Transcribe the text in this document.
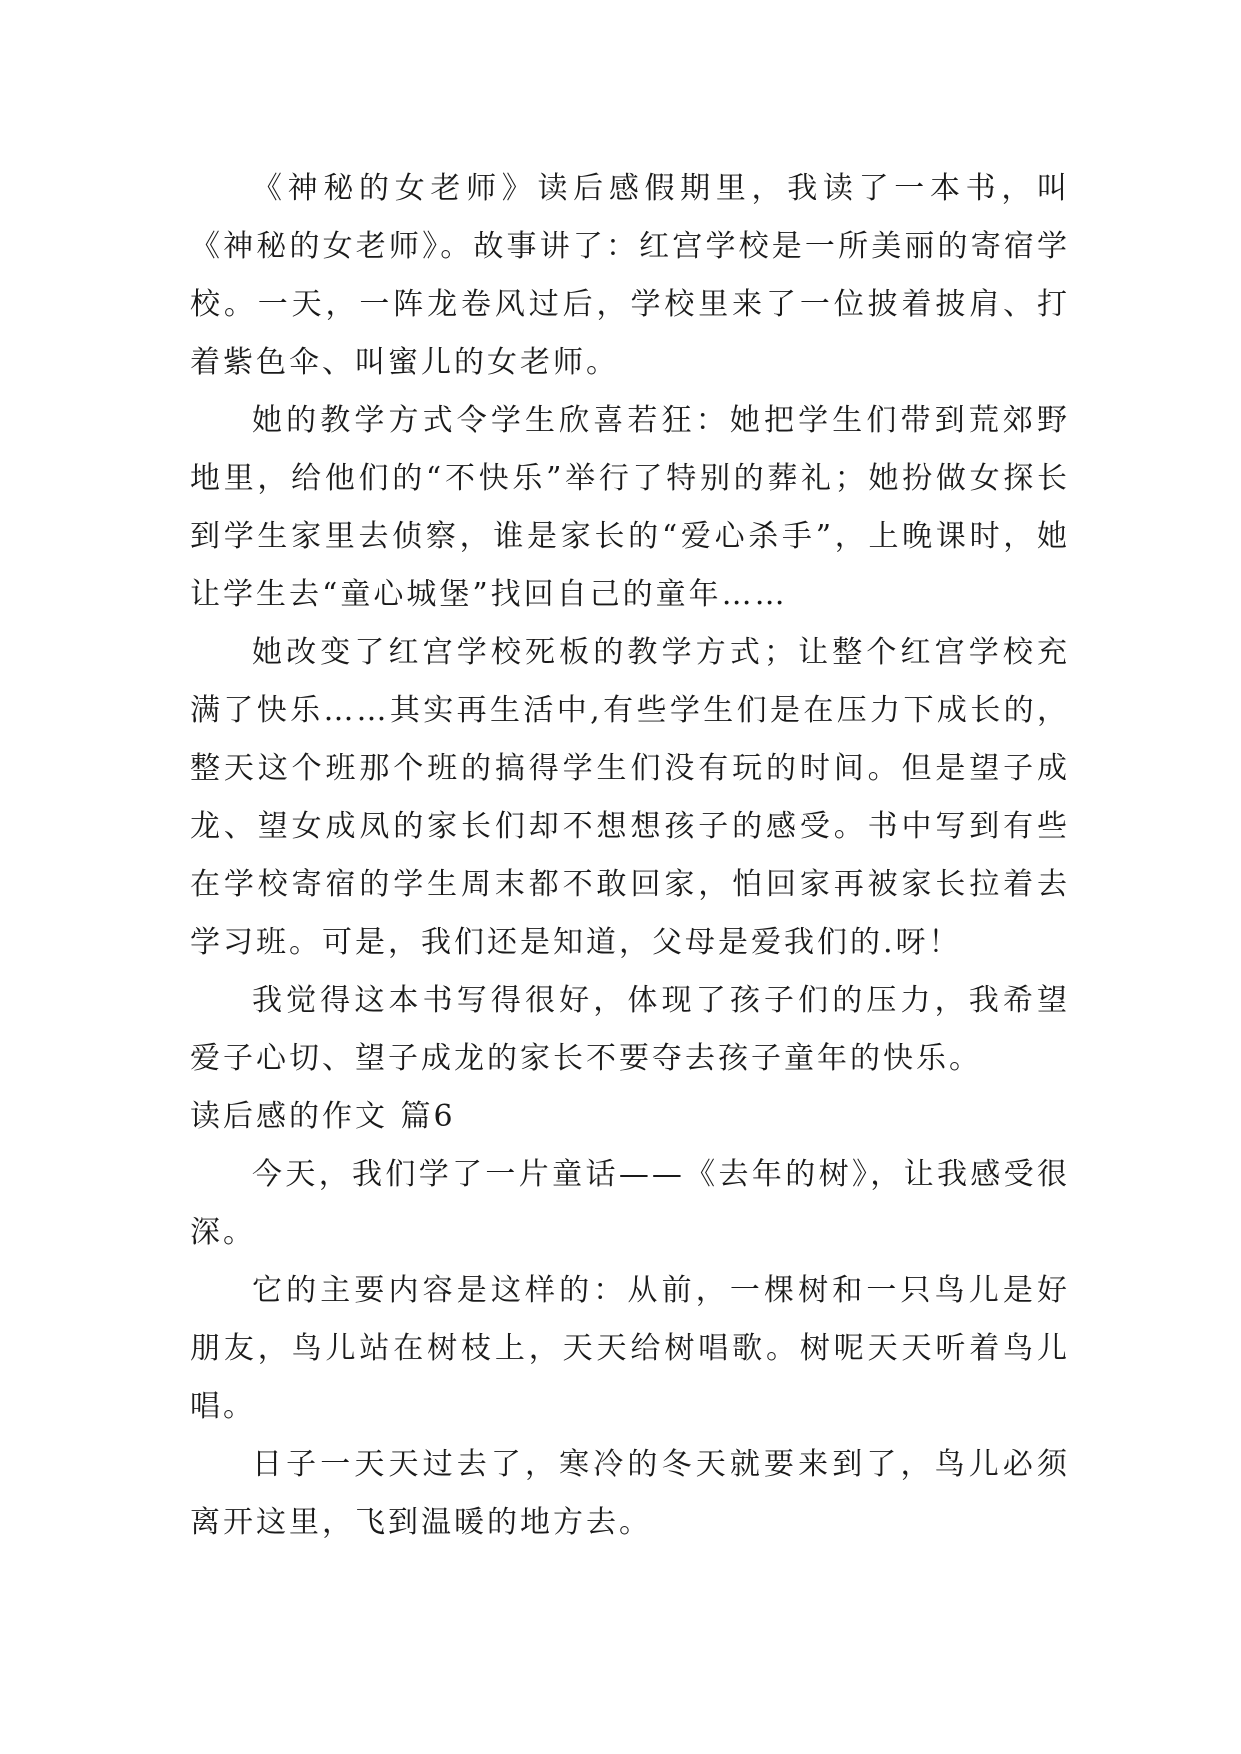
《神秘的女老师》读后感假期里，我读了一本书，叫《神秘的女老师》。故事讲了：红宫学校是一所美丽的寄宿学校。一天，一阵龙卷风过后，学校里来了一位披着披肩、打着紫色伞、叫蜜儿的女老师。

她的教学方式令学生欣喜若狂：她把学生们带到荒郊野地里，给他们的“不快乐”举行了特别的葬礼；她扮做女探长到学生家里去侦察，谁是家长的“爱心杀手”，上晚课时，她让学生去“童心城堡”找回自己的童年……

她改变了红宫学校死板的教学方式；让整个红宫学校充满了快乐……其实再生活中,有些学生们是在压力下成长的，整天这个班那个班的搞得学生们没有玩的时间。但是望子成龙、望女成凤的家长们却不想想孩子的感受。书中写到有些在学校寄宿的学生周末都不敢回家，怕回家再被家长拉着去学习班。可是，我们还是知道，父母是爱我们的.呀！

我觉得这本书写得很好，体现了孩子们的压力，我希望爱子心切、望子成龙的家长不要夺去孩子童年的快乐。

读后感的作文 篇6

今天，我们学了一片童话——《去年的树》，让我感受很深。

它的主要内容是这样的：从前，一棵树和一只鸟儿是好朋友，鸟儿站在树枝上，天天给树唱歌。树呢天天听着鸟儿唱。

日子一天天过去了，寒冷的冬天就要来到了，鸟儿必须离开这里，飞到温暖的地方去。
